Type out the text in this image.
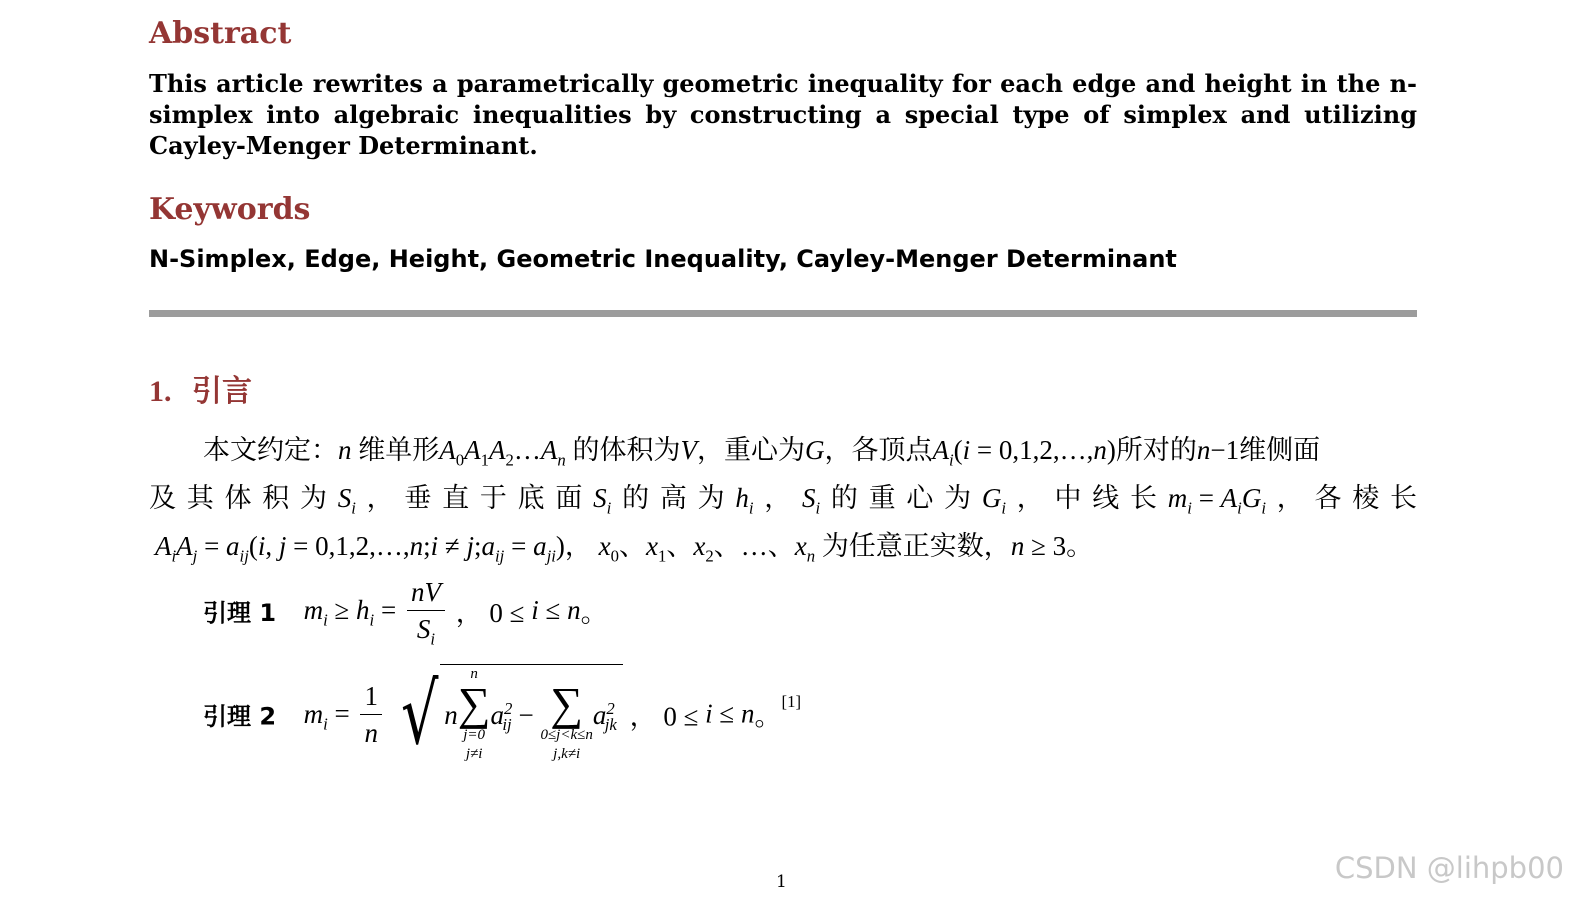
Abstract

This article rewrites a parametrically geometric inequality for each edge and height in the n-simplex into algebraic inequalities by constructing a special type of simplex and utilizing Cayley-Menger Determinant.

Keywords
N-Simplex, Edge, Height, Geometric Inequality, Cayley-Menger Determinant
1. 引言
本文约定：n 维单形$A_0A_1A_2\dots A_n$ 的体积为V，重心为G，各顶点$A_i(i$ = 0,1,2,…,n)所对的n−1维侧面
及 其 体 积 为 $S_i$ ， 垂 直 于 底 面 $S_i$ 的 高 为 $h_i$ ， $S_i$ 的 重 心 为 $G_i$ ， 中 线 长 $m_i = A_iG_i$ ， 各 棱 长
$A_iA_j = a_{ij}(i$, j = 0,1,2,…,n;i ≠ $j;a_{ij} = a_{ji}$)， $x_0$、$x_1$、$x_2$、…、$x_n$ 为任意正实数，n ≥ 3。
引理 1 $m_i \ge h_i = \frac{nV}{S_i}$ ， 0 ≤ i ≤ n。
引理 2 $m_i = \frac{1}{n}$
√ n
n
∑
j=0
j≠i
$a^2_{ij}$ −
∑
0≤j<k≤n
j,k≠i
$a^2_{jk}$ ， 0 ≤ i ≤ n。[1]
1	CSDN @lihpb00
